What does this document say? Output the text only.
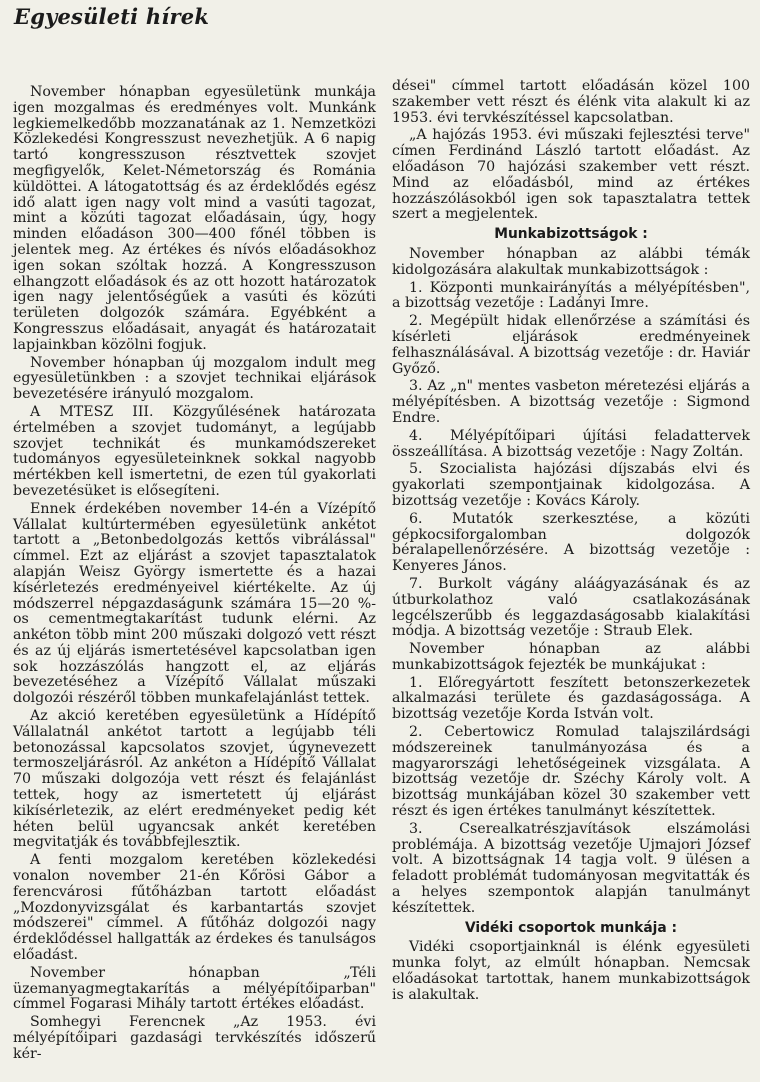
Egyesületi hírek

November hónapban egyesületünk munkája igen mozgalmas és eredményes volt. Munkánk legkiemelkedőbb mozzanatának az 1. Nemzetközi Közlekedési Kongresszust nevezhetjük. A 6 napig tartó kongresszuson résztvettek szovjet megfigyelők, Kelet-Németország és Románia küldöttei. A látogatottság és az érdeklődés egész idő alatt igen nagy volt mind a vasúti tagozat, mint a közúti tagozat előadásain, úgy, hogy minden előadáson 300—400 főnél többen is jelentek meg. Az értékes és nívós előadásokhoz igen sokan szóltak hozzá. A Kongresszuson elhangzott előadások és az ott hozott határozatok igen nagy jelentőségűek a vasúti és közúti területen dolgozók számára. Egyébként a Kongresszus előadásait, anyagát és határozatait lapjainkban közölni fogjuk.

November hónapban új mozgalom indult meg egyesületünkben : a szovjet technikai eljárások bevezetésére irányuló mozgalom.

A MTESZ III. Közgyűlésének határozata értelmében a szovjet tudományt, a legújabb szovjet technikát és munkamódszereket tudományos egyesületeinknek sokkal nagyobb mértékben kell ismertetni, de ezen túl gyakorlati bevezetésüket is elősegíteni.

Ennek érdekében november 14-én a Vízépítő Vállalat kultúrtermében egyesületünk ankétot tartott a „Betonbedolgozás kettős vibrálással" címmel. Ezt az eljárást a szovjet tapasztalatok alapján Weisz György ismertette és a hazai kísérletezés eredményeivel kiértékelte. Az új módszerrel népgazdaságunk számára 15—20 %-os cementmegtakarítást tudunk elérni. Az ankéton több mint 200 műszaki dolgozó vett részt és az új eljárás ismertetésével kapcsolatban igen sok hozzászólás hangzott el, az eljárás bevezetéséhez a Vízépítő Vállalat műszaki dolgozói részéről többen munkafelajánlást tettek.

Az akció keretében egyesületünk a Hídépítő Vállalatnál ankétot tartott a legújabb téli betonozással kapcsolatos szovjet, úgynevezett termoszeljárásról. Az ankéton a Hídépítő Vállalat 70 műszaki dolgozója vett részt és felajánlást tettek, hogy az ismertetett új eljárást kikísérletezik, az elért eredményeket pedig két héten belül ugyancsak ankét keretében megvitatják és továbbfejlesztik.

A fenti mozgalom keretében közlekedési vonalon november 21-én Kőrösi Gábor a ferencvárosi fűtőházban tartott előadást „Mozdonyvizsgálat és karbantartás szovjet módszerei" címmel. A fűtőház dolgozói nagy érdeklődéssel hallgatták az érdekes és tanulságos előadást.

November hónapban „Téli üzemanyagmegtakarítás a mélyépítőiparban" címmel Fogarasi Mihály tartott értékes előadást.

Somhegyi Ferencnek „Az 1953. évi mélyépítőipari gazdasági tervkészítés időszerű kér-

dései" címmel tartott előadásán közel 100 szakember vett részt és élénk vita alakult ki az 1953. évi tervkészítéssel kapcsolatban.

„A hajózás 1953. évi műszaki fejlesztési terve" címen Ferdinánd László tartott előadást. Az előadáson 70 hajózási szakember vett részt. Mind az előadásból, mind az értékes hozzászólásokból igen sok tapasztalatra tettek szert a megjelentek.

Munkabizottságok :

November hónapban az alábbi témák kidolgozására alakultak munkabizottságok :

1. Központi munkairányítás a mélyépítésben", a bizottság vezetője : Ladányi Imre.

2. Megépült hidak ellenőrzése a számítási és kísérleti eljárások eredményeinek felhasználásával. A bizottság vezetője : dr. Haviár Győző.

3. Az „n" mentes vasbeton méretezési eljárás a mélyépítésben. A bizottság vezetője : Sigmond Endre.

4. Mélyépítőipari újítási feladattervek összeállítása. A bizottság vezetője : Nagy Zoltán.

5. Szocialista hajózási díjszabás elvi és gyakorlati szempontjainak kidolgozása. A bizottság vezetője : Kovács Károly.

6. Mutatók szerkesztése, a közúti gépkocsiforgalomban dolgozók béralapellenőrzésére. A bizottság vezetője : Kenyeres János.

7. Burkolt vágány aláágyazásának és az útburkolathoz való csatlakozásának legcélszerűbb és leggazdaságosabb kialakítási módja. A bizottság vezetője : Straub Elek.

November hónapban az alábbi munkabizottságok fejezték be munkájukat :

1. Előregyártott feszített betonszerkezetek alkalmazási területe és gazdaságossága. A bizottság vezetője Korda István volt.

2. Cebertowicz Romulad talajszilárdsági módszereinek tanulmányozása és a magyarországi lehetőségeinek vizsgálata. A bizottság vezetője dr. Széchy Károly volt. A bizottság munkájában közel 30 szakember vett részt és igen értékes tanulmányt készítettek.

3. Cserealkatrészjavítások elszámolási problémája. A bizottság vezetője Ujmajori József volt. A bizottságnak 14 tagja volt. 9 ülésen a feladott problémát tudományosan megvitatták és a helyes szempontok alapján tanulmányt készítettek.

Vidéki csoportok munkája :

Vidéki csoportjainknál is élénk egyesületi munka folyt, az elmúlt hónapban. Nemcsak előadásokat tartottak, hanem munkabizottságok is alakultak.
